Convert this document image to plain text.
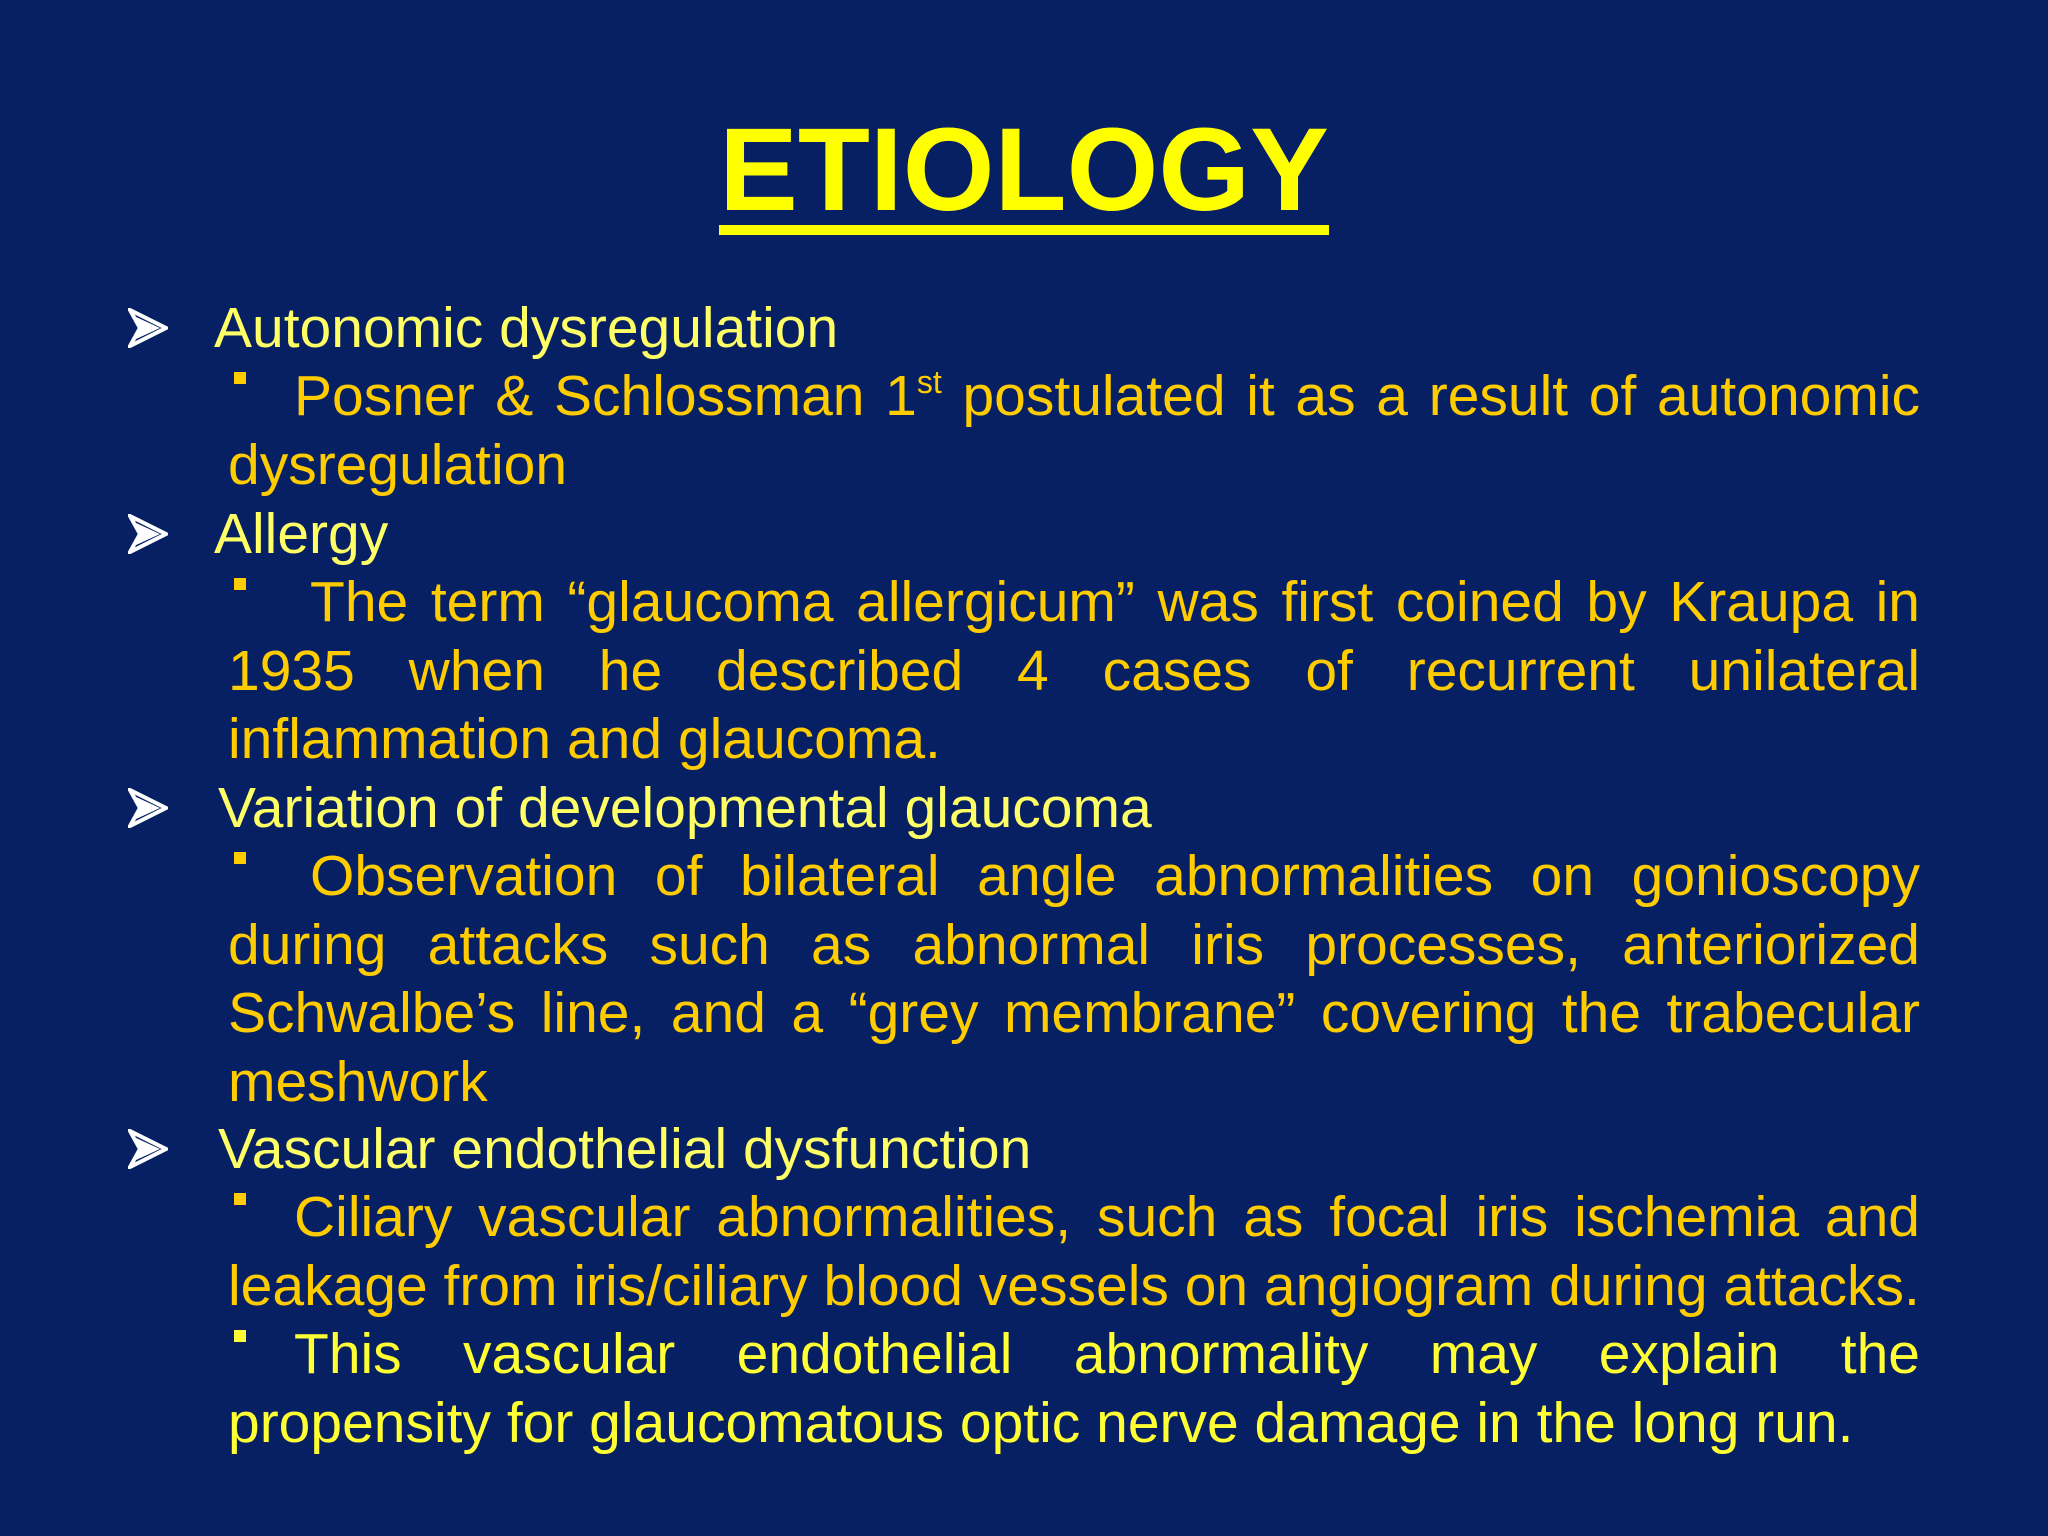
ETIOLOGY
Autonomic dysregulation
Posner & Schlossman 1st postulated it as a result of autonomic dysregulation
Allergy
The term “glaucoma allergicum” was first coined by Kraupa in 1935 when he described 4 cases of recurrent unilateral inflammation and glaucoma.
Variation of developmental glaucoma
Observation of bilateral angle abnormalities on gonioscopy during attacks such as abnormal iris processes, anteriorized Schwalbe’s line, and a “grey membrane” covering the trabecular meshwork
Vascular endothelial dysfunction
Ciliary vascular abnormalities, such as focal iris ischemia and leakage from iris/ciliary blood vessels on angiogram during attacks.
This vascular endothelial abnormality may explain the propensity for glaucomatous optic nerve damage in the long run.
